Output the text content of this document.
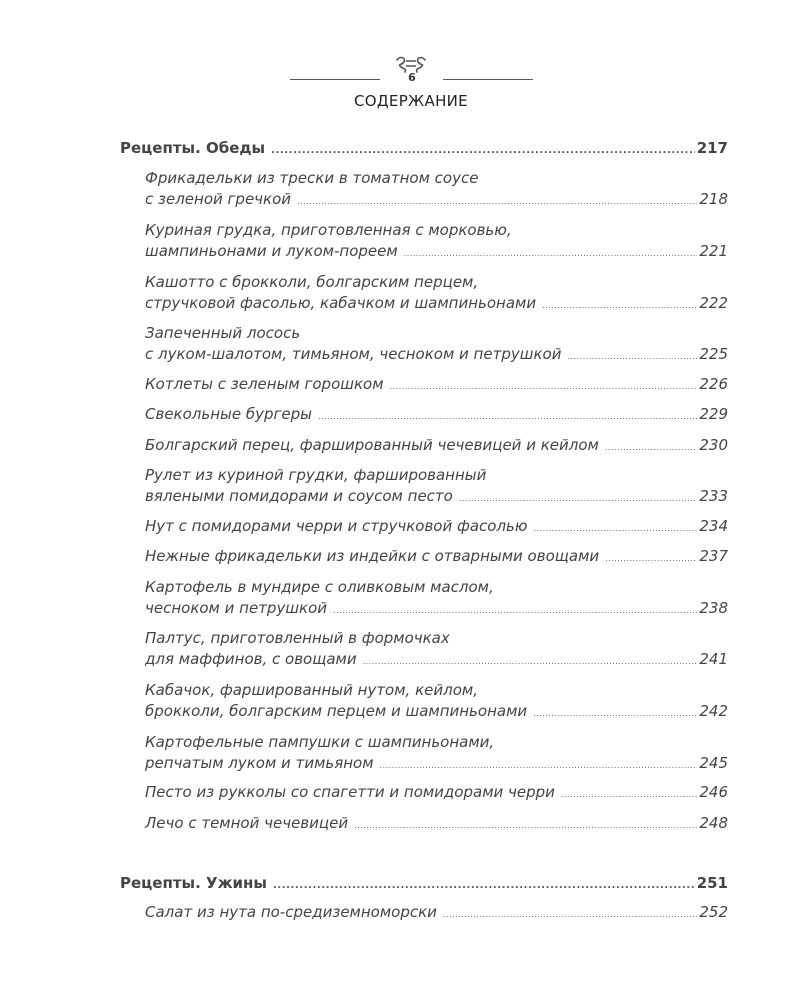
6
СОДЕРЖАНИЕ
Рецепты. Обеды .....	217
Фрикадельки из трески в томатном соусе
с зеленой гречкой .....	218
Куриная грудка, приготовленная с морковью,
шампиньонами и луком-пореем .....	221
Кашотто с брокколи, болгарским перцем,
стручковой фасолью, кабачком и шампиньонами .....	222
Запеченный лосось
с луком-шалотом, тимьяном, чесноком и петрушкой .....	225
Котлеты с зеленым горошком .....	226
Свекольные бургеры .....	229
Болгарский перец, фаршированный чечевицей и кейлом .....	230
Рулет из куриной грудки, фаршированный
вялеными помидорами и соусом песто .....	233
Нут с помидорами черри и стручковой фасолью .....	234
Нежные фрикадельки из индейки с отварными овощами .....	237
Картофель в мундире с оливковым маслом,
чесноком и петрушкой .....	238
Палтус, приготовленный в формочках
для маффинов, с овощами .....	241
Кабачок, фаршированный нутом, кейлом,
брокколи, болгарским перцем и шампиньонами .....	242
Картофельные пампушки с шампиньонами,
репчатым луком и тимьяном .....	245
Песто из рукколы со спагетти и помидорами черри .....	246
Лечо с темной чечевицей .....	248
Рецепты. Ужины .....	251
Салат из нута по-средиземноморски .....	252
